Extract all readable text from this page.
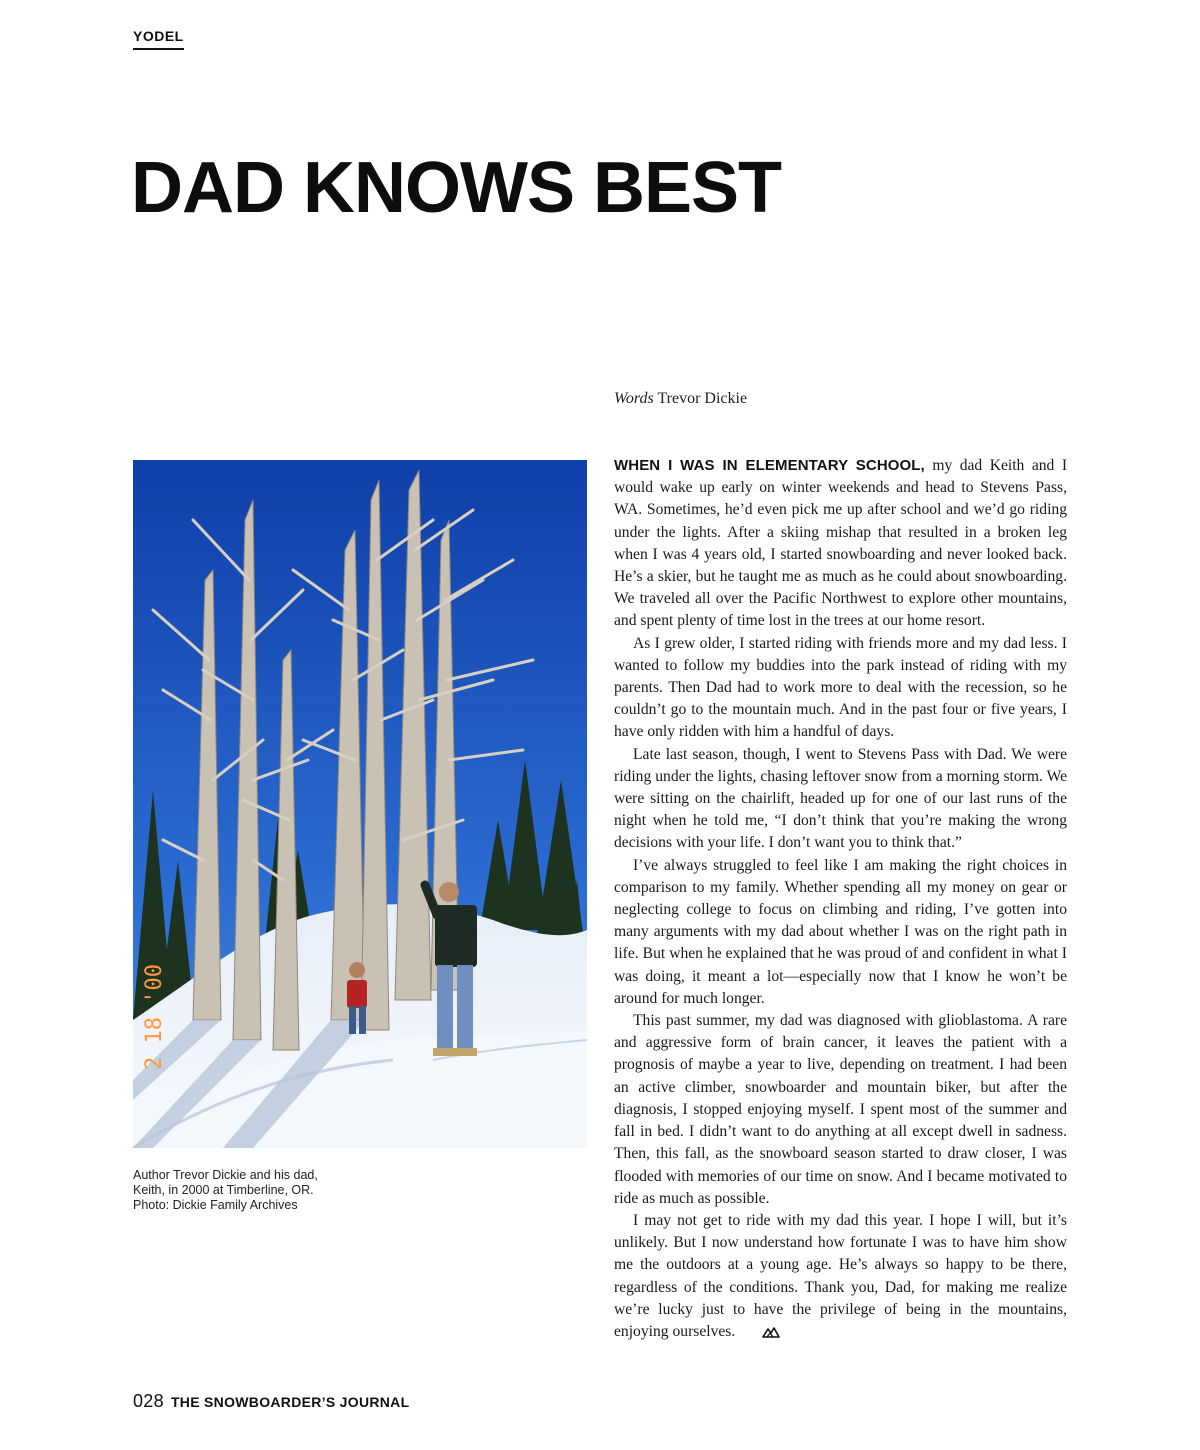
YODEL
DAD KNOWS BEST
Words Trevor Dickie
2 18 '00
Author Trevor Dickie and his dad,
Keith, in 2000 at Timberline, OR.
Photo: Dickie Family Archives

WHEN I WAS IN ELEMENTARY SCHOOL, my dad Keith and I would wake up early on winter weekends and head to Stevens Pass, WA. Sometimes, he’d even pick me up after school and we’d go riding under the lights. After a skiing mishap that resulted in a broken leg when I was 4 years old, I started snowboarding and never looked back. He’s a skier, but he taught me as much as he could about snowboarding. We traveled all over the Pacific Northwest to explore other mountains, and spent plenty of time lost in the trees at our home resort.

As I grew older, I started riding with friends more and my dad less. I wanted to follow my buddies into the park instead of riding with my parents. Then Dad had to work more to deal with the recession, so he couldn’t go to the mountain much. And in the past four or five years, I have only ridden with him a handful of days.

Late last season, though, I went to Stevens Pass with Dad. We were riding under the lights, chasing leftover snow from a morning storm. We were sitting on the chairlift, headed up for one of our last runs of the night when he told me, “I don’t think that you’re making the wrong decisions with your life. I don’t want you to think that.”

I’ve always struggled to feel like I am making the right choices in comparison to my family. Whether spending all my money on gear or neglecting college to focus on climbing and riding, I’ve gotten into many arguments with my dad about whether I was on the right path in life. But when he explained that he was proud of and confident in what I was doing, it meant a lot—especially now that I know he won’t be around for much longer.

This past summer, my dad was diagnosed with glioblastoma. A rare and aggressive form of brain cancer, it leaves the patient with a prognosis of maybe a year to live, depending on treatment. I had been an active climber, snowboarder and mountain biker, but after the diagnosis, I stopped enjoying myself. I spent most of the summer and fall in bed. I didn’t want to do anything at all except dwell in sadness. Then, this fall, as the snowboard season started to draw closer, I was flooded with memories of our time on snow. And I became motivated to ride as much as possible.

I may not get to ride with my dad this year. I hope I will, but it’s unlikely. But I now understand how fortunate I was to have him show me the outdoors at a young age. He’s always so happy to be there, regardless of the conditions. Thank you, Dad, for making me realize we’re lucky just to have the privilege of being in the mountains, enjoying ourselves.

028 THE SNOWBOARDER’S JOURNAL
